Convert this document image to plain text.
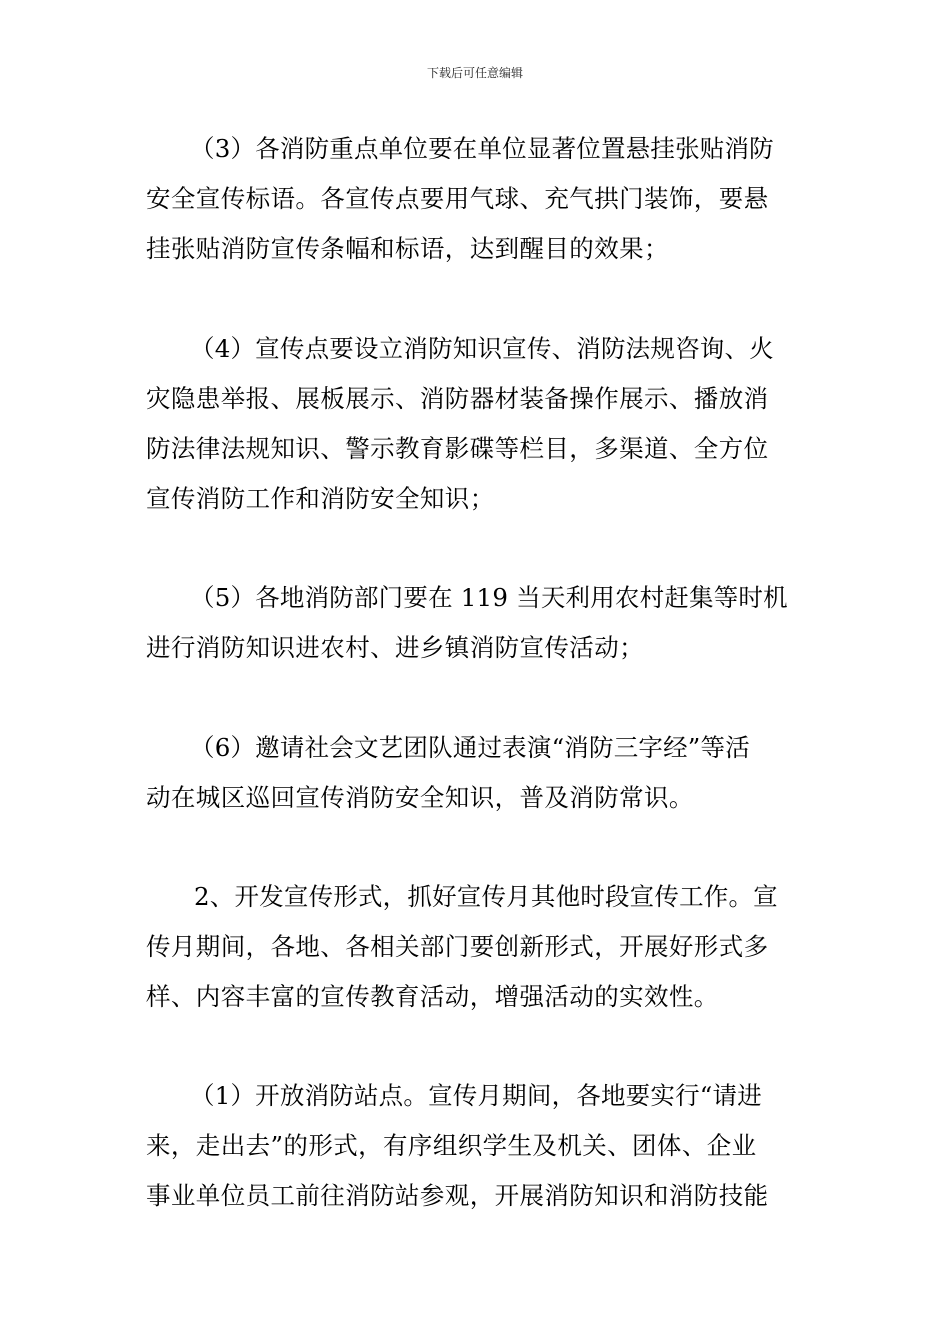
下载后可任意编辑
（3）各消防重点单位要在单位显著位置悬挂张贴消防
安全宣传标语。各宣传点要用气球、充气拱门装饰，要悬
挂张贴消防宣传条幅和标语，达到醒目的效果；
（4）宣传点要设立消防知识宣传、消防法规咨询、火
灾隐患举报、展板展示、消防器材装备操作展示、播放消
防法律法规知识、警示教育影碟等栏目，多渠道、全方位
宣传消防工作和消防安全知识；
（5）各地消防部门要在 119 当天利用农村赶集等时机
进行消防知识进农村、进乡镇消防宣传活动；
（6）邀请社会文艺团队通过表演“消防三字经”等活
动在城区巡回宣传消防安全知识，普及消防常识。
2、开发宣传形式，抓好宣传月其他时段宣传工作。宣
传月期间，各地、各相关部门要创新形式，开展好形式多
样、内容丰富的宣传教育活动，增强活动的实效性。
（1）开放消防站点。宣传月期间，各地要实行“请进
来，走出去”的形式，有序组织学生及机关、团体、企业
事业单位员工前往消防站参观，开展消防知识和消防技能
